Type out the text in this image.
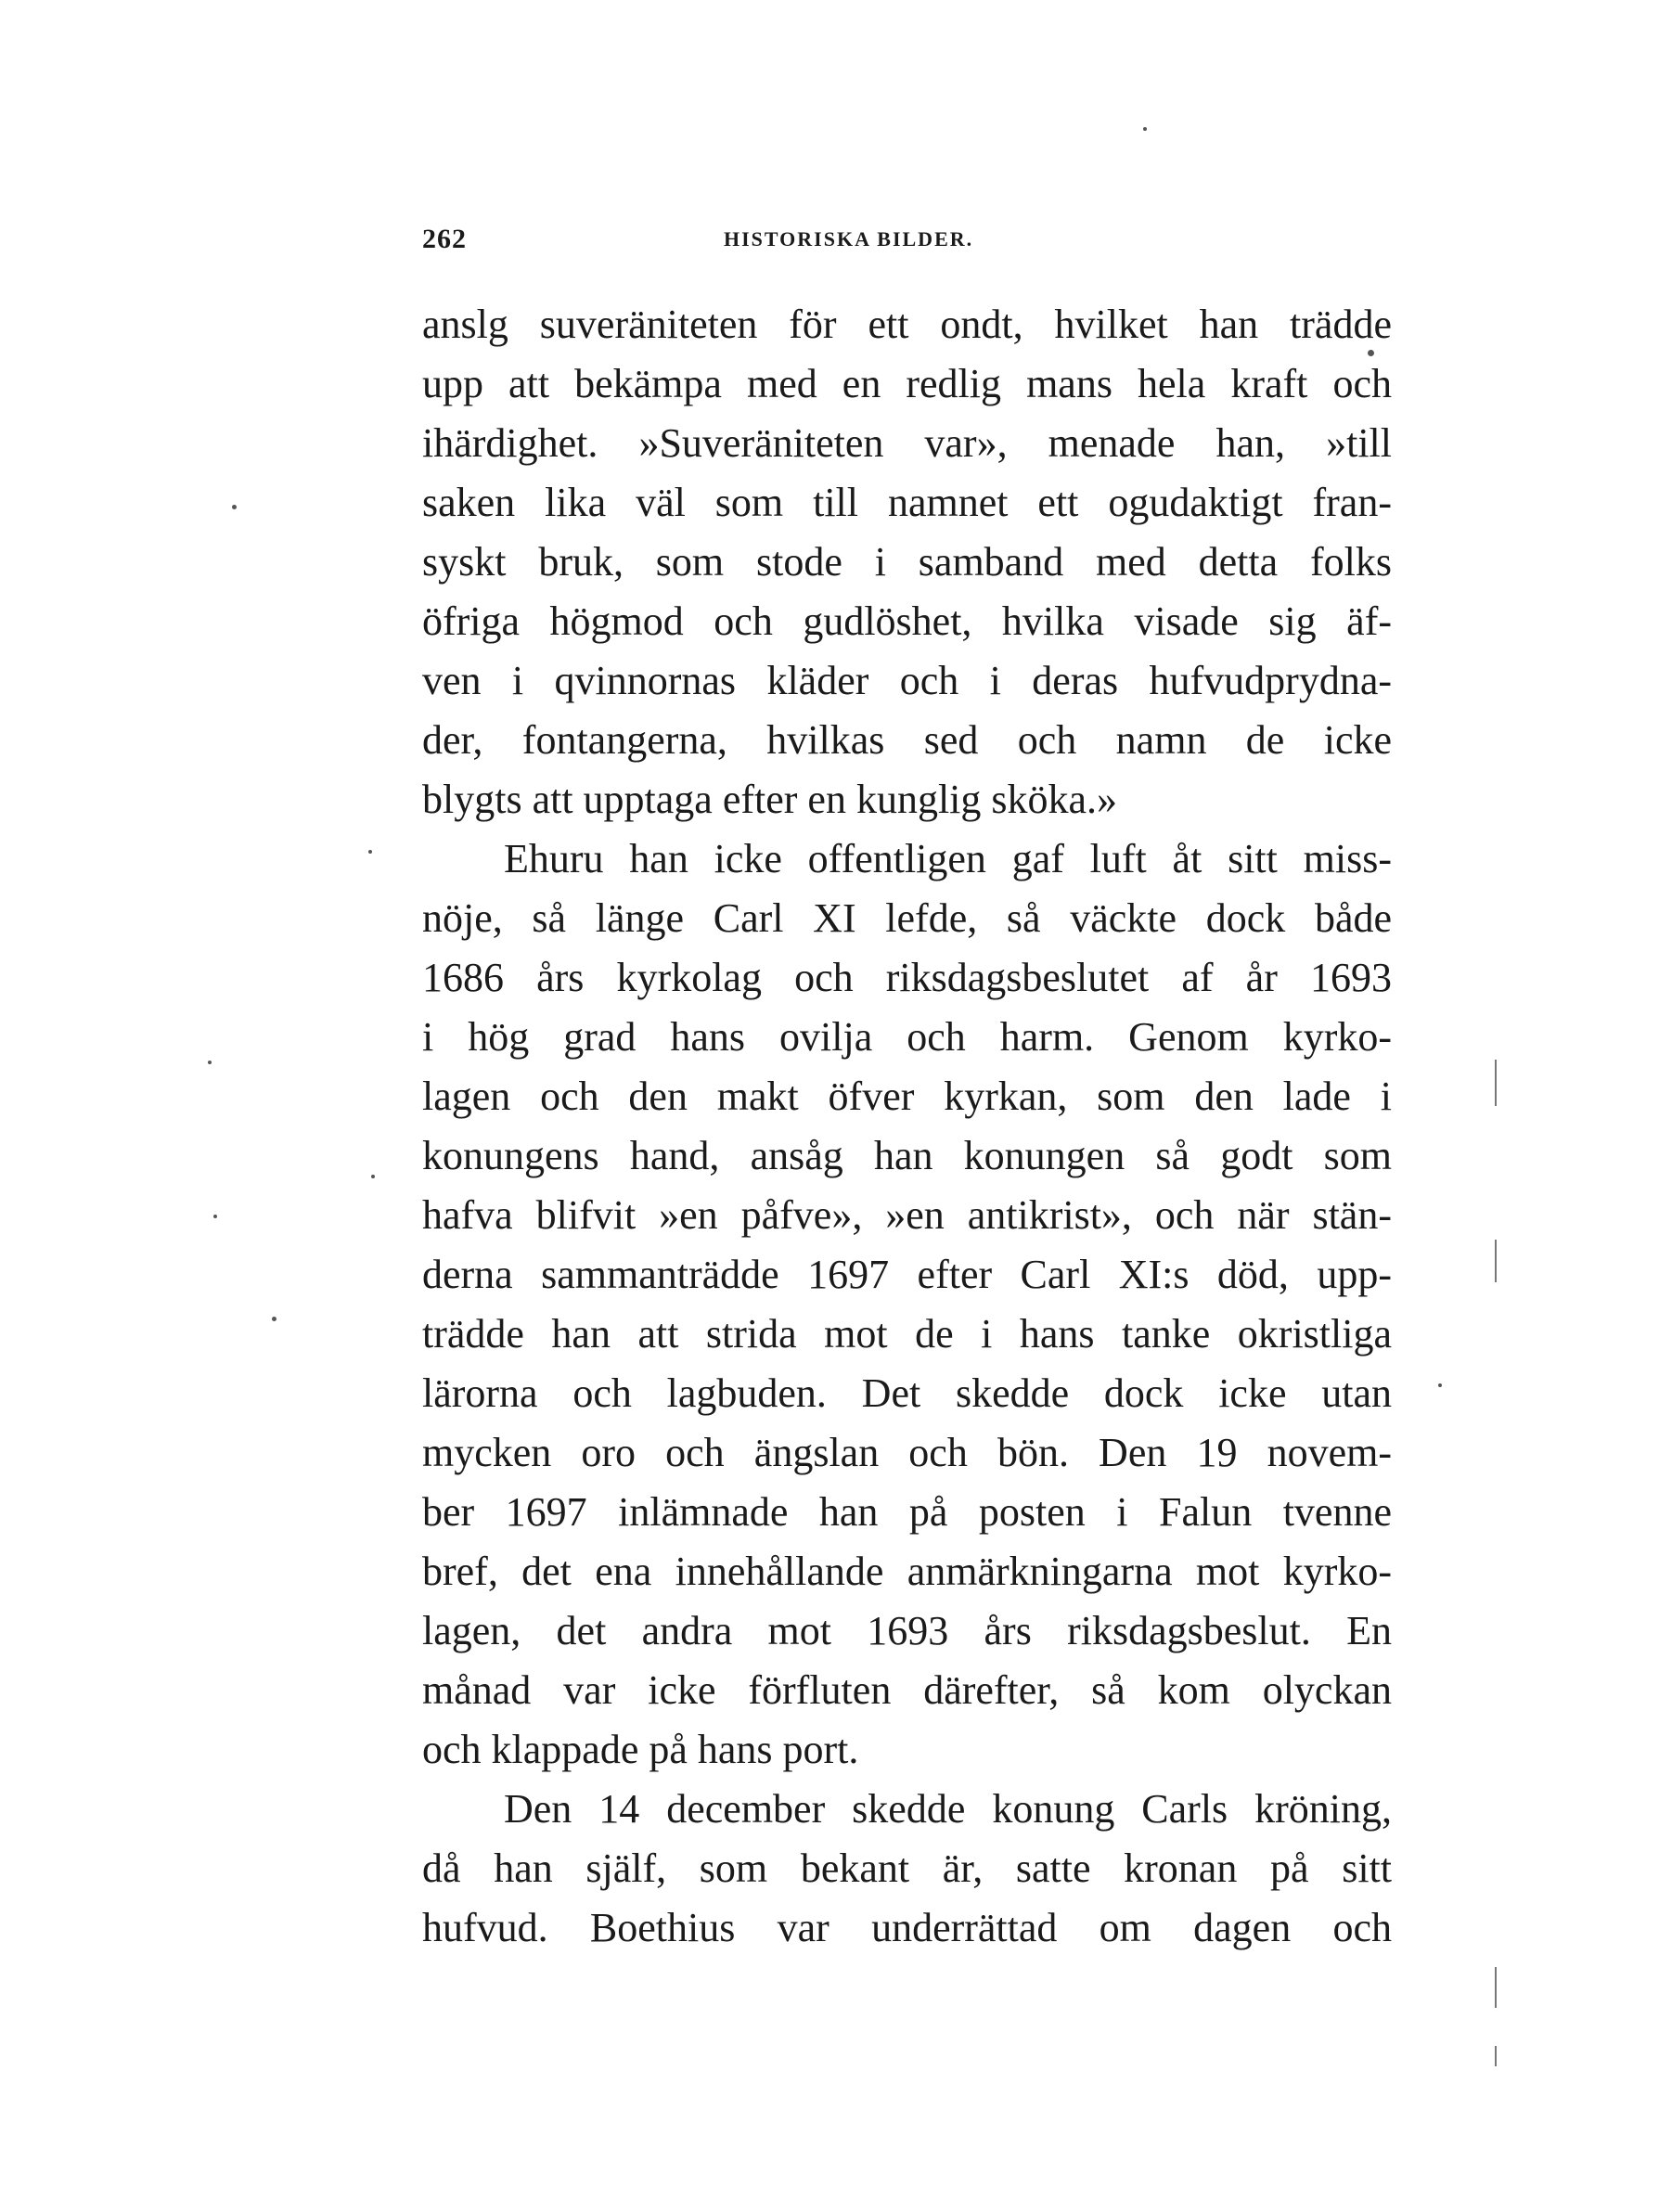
262	HISTORISKA BILDER.
anslg suveräniteten för ett ondt, hvilket han trädde
upp att bekämpa med en redlig mans hela kraft och
ihärdighet. »Suveräniteten var», menade han, »till
saken lika väl som till namnet ett ogudaktigt fran-
syskt bruk, som stode i samband med detta folks
öfriga högmod och gudlöshet, hvilka visade sig äf-
ven i qvinnornas kläder och i deras hufvudprydna-
der, fontangerna, hvilkas sed och namn de icke
blygts att upptaga efter en kunglig sköka.»
Ehuru han icke offentligen gaf luft åt sitt miss-
nöje, så länge Carl XI lefde, så väckte dock både
1686 års kyrkolag och riksdagsbeslutet af år 1693
i hög grad hans ovilja och harm. Genom kyrko-
lagen och den makt öfver kyrkan, som den lade i
konungens hand, ansåg han konungen så godt som
hafva blifvit »en påfve», »en antikrist», och när stän-
derna sammanträdde 1697 efter Carl XI:s död, upp-
trädde han att strida mot de i hans tanke okristliga
lärorna och lagbuden. Det skedde dock icke utan
mycken oro och ängslan och bön. Den 19 novem-
ber 1697 inlämnade han på posten i Falun tvenne
bref, det ena innehållande anmärkningarna mot kyrko-
lagen, det andra mot 1693 års riksdagsbeslut. En
månad var icke förfluten därefter, så kom olyckan
och klappade på hans port.
Den 14 december skedde konung Carls kröning,
då han själf, som bekant är, satte kronan på sitt
hufvud. Boethius var underrättad om dagen och
